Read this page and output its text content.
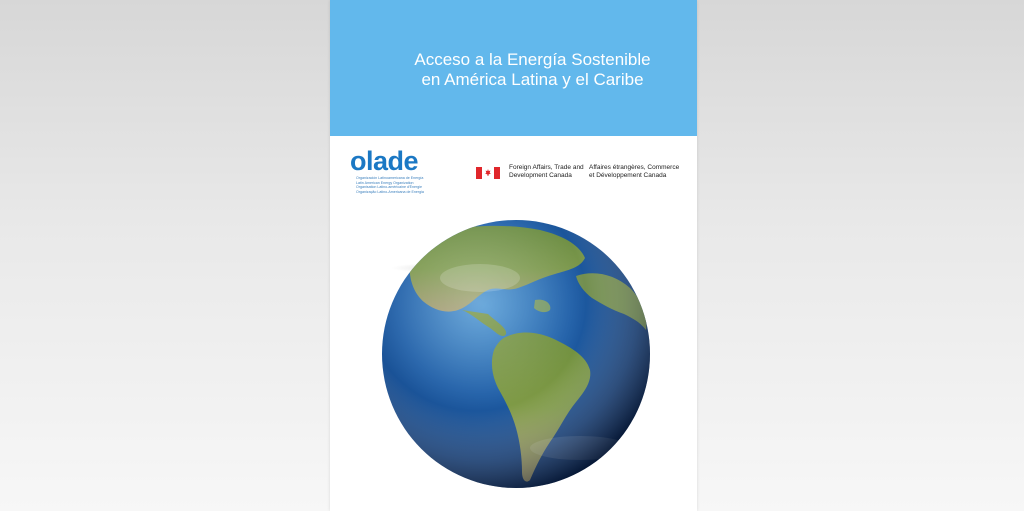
Acceso a la Energía Sostenible
en América Latina y el Caribe
olade
Organización Latinoamericana de Energía
Latin American Energy Organization
Organisation Latino-américaine d'Énergie
Organização Latino-Americana de Energia
Foreign Affairs, Trade and
Development Canada
Affaires étrangères, Commerce
et Développement Canada
